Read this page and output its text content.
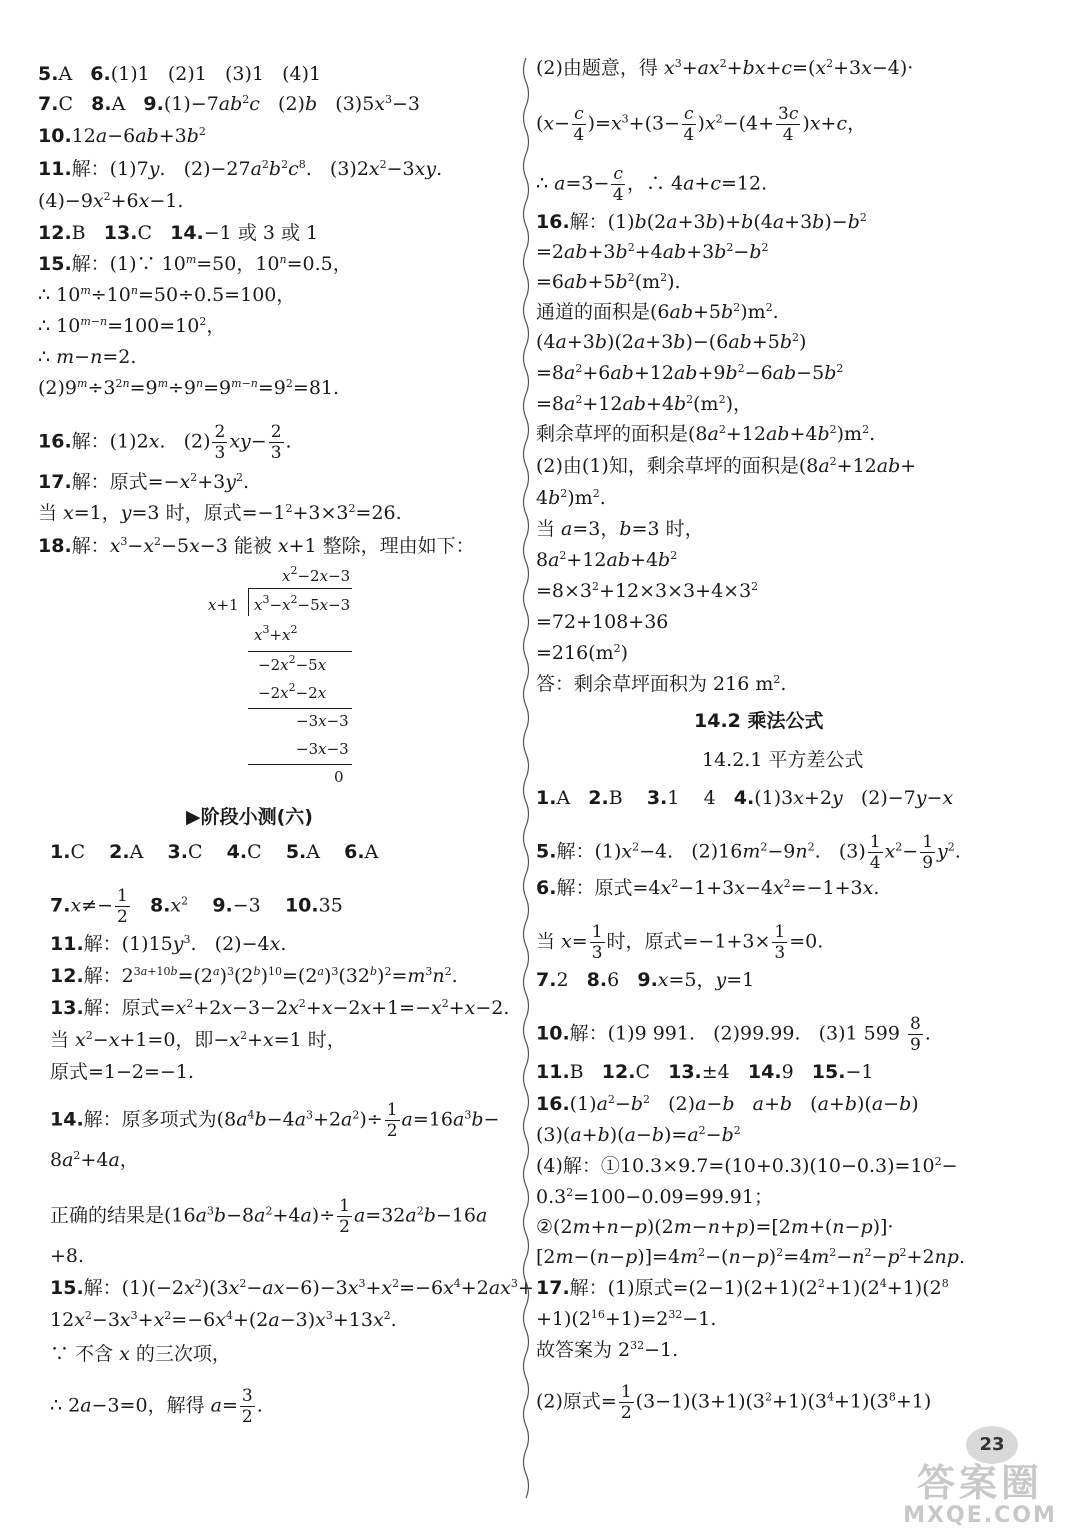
5.A   6.(1)1   (2)1   (3)1   (4)1
7.C   8.A   $9.(1)-7ab^2c$   (2)b   $(3)5x^3-3$
$10.12a-6ab+3b^2$
11.解：(1)7y.   $(2)-27a^2b^2c^8$.   $(3)2x^2-3xy$.
$(4)-9x^2+6x-1$.
12.B   13.C   14.−1 或 3 或 1
15.解：(1)∵ $10^m=50$，$10^n=0.5$，
∴ $10^m\div 10^n=50\div 0.5=100$，
∴ $10^{m-n}=100=10^2$，
∴ m−n=2.
$(2)9^m\div 3^{2n}=9^m\div 9^n=9^{m-n}=9^2=81$.
16.解：(1)2x.   $(2) \frac{2}{3} xy- \frac{2}{3}$ .
17.解：原式$=-x^2+3y^2$.
当 x=1，y=3 时，原式$=-1^2+3\times 3^2=26$.
18.解：$x^3-x^2-5x-3$ 能被 x+1 整除，理由如下：
$x^2-2x-3$
x+1 $x^3-x^2-5x-3$
$x^3+x^2$
$-2x^2-5x$
$-2x^2-2x$
−3x−3
−3x−3
0
▶阶段小测(六)
1.C    2.A    3.C    4.C    5.A    6.A
$7.x\ne- \frac{1}{2} 8.x^2$ 9.−3    10.35
11.解：$(1)15y^3$.   (2)−4x.
12.解：$2^{3a+10b}=(2^a)^3(2^b)^{10}=(2^a)^3(32^b)^2=m^3n^2$.
13.解：原式$=x^2+2x-3-2x^2+x-2x+1=-x^2+x-2$.
当 $x^2-x+1=0$，即$-x^2+x=1$ 时，
原式=1−2=−1.
14.解：原多项式为$(8a^4b-4a^3+2a^2)\div \frac{1}{2} a=16a^3b-$
$8a^2+4a$，
正确的结果是$(16a^3b-8a^2+4a)\div \frac{1}{2} a=32a^2b-16a$
+8.
15.解：$(1)(-2x^2)(3x^2-ax-6)-3x^3+x^2=-6x^4+2ax^3+$
$12x^2-3x^3+x^2=-6x^4+(2a-3)x^3+13x^2$.
∵ 不含 x 的三次项，
∴ 2a−3=0，解得 $a= \frac{3}{2}$ .
(2)由题意，得 $x^3+ax^2+bx+c=(x^2+3x-4)\cdot$
$(x- \frac{c}{4} )=x^3+(3- \frac{c}{4} )x^2-(4+ \frac{3c}{4} )x+c$，
∴ $a=3- \frac{c}{4}$ ，∴ 4a+c=12.
16.解：$(1)b(2a+3b)+b(4a+3b)-b^2$
$=2ab+3b^2+4ab+3b^2-b^2$
$=6ab+5b^2(m^2)$.
通道的面积是$(6ab+5b^2)m^2$.
$(4a+3b)(2a+3b)-(6ab+5b^2)$
$=8a^2+6ab+12ab+9b^2-6ab-5b^2$
$=8a^2+12ab+4b^2(m^2)$，
剩余草坪的面积是$(8a^2+12ab+4b^2)m^2$.
(2)由(1)知，剩余草坪的面积是($8a^2+12ab+$
$4b^2)m^2$.
当 a=3，b=3 时，
$8a^2+12ab+4b^2$
$=8\times 3^2+12\times 3\times 3+4\times 3^2$
=72+108+36
$=216(m^2)$
答：剩余草坪面积为 216 $m^2$.
14.2 乘法公式
14.2.1 平方差公式
1.A   2.B    3.1    4   4.(1)3x+2y   (2)−7y−x
5.解：$(1)x^2-4$.   $(2)16m^2-9n^2$.   $(3) \frac{1}{4} x^2- \frac{1}{9} y^2$.
6.解：原式$=4x^2-1+3x-4x^2=-1+3x$.
当 $x= \frac{1}{3}$ 时，原式$=-1+3\times \frac{1}{3} =0$.
7.2   8.6   9.x=5，y=1
10.解：(1)9 991.   (2)99.99.   (3)1 $599 \frac{8}{9}$ .
11.B   12.C   13.±4   14.9   15.−1
$16.(1)a^2-b^2$   (2)a−b a+b   (a+b)(a−b)
$(3)(a+b)(a-b)=a^2-b^2$
(4)解：$①10.3\times 9.7=(10+0.3)(10-0.3)=10^2-$
$0.3^2=100-0.09=99.91$；
②(2m+n−p)(2m−n+p)=[2m+(n−p)]·
$[2m-(n-p)]=4m^2-(n-p)^2=4m^2-n^2-p^2+2np$.
17.解：(1)原式$=(2-1)(2+1)(2^2+1)(2^4+1)(2^8$
$+1)(2^{16}+1)=2^{32}-1$.
故答案为 $2^{32}-1$.
(2)原式= $\frac{1}{2} (3-1)(3+1)(3^2+1)(3^4+1)(3^8+1)$
23
答案圈
MXQE.COM
